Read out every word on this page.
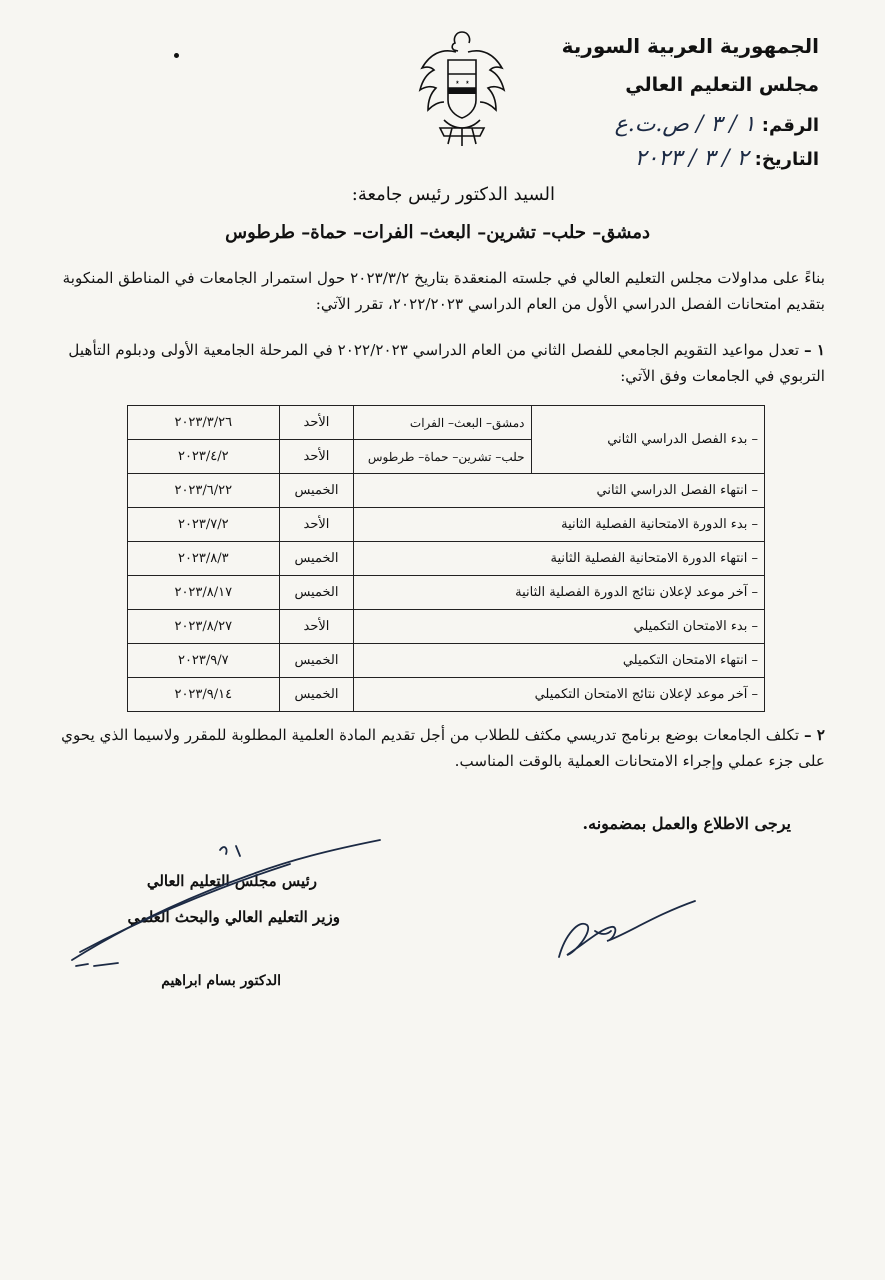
الجمهورية العربية السورية
مجلس التعليم العالي
الرقم: ١ / ٣ / ص.ت.ع
التاريخ: ٢ / ٣ / ٢٠٢٣
السيد الدكتور رئيس جامعة:
دمشق– حلب– تشرين– البعث– الفرات– حماة– طرطوس
بناءً على مداولات مجلس التعليم العالي في جلسته المنعقدة بتاريخ ٢٠٢٣/٣/٢ حول استمرار الجامعات في المناطق المنكوبة بتقديم امتحانات الفصل الدراسي الأول من العام الدراسي ٢٠٢٢/٢٠٢٣، تقرر الآتي:
١ – تعدل مواعيد التقويم الجامعي للفصل الثاني من العام الدراسي ٢٠٢٢/٢٠٢٣ في المرحلة الجامعية الأولى ودبلوم التأهيل التربوي في الجامعات وفق الآتي:
– بدء الفصل الدراسي الثاني	دمشق– البعث– الفرات	الأحد	٢٠٢٣/٣/٢٦
	حلب– تشرين– حماة– طرطوس	الأحد	٢٠٢٣/٤/٢
– انتهاء الفصل الدراسي الثاني		الخميس	٢٠٢٣/٦/٢٢
– بدء الدورة الامتحانية الفصلية الثانية		الأحد	٢٠٢٣/٧/٢
– انتهاء الدورة الامتحانية الفصلية الثانية		الخميس	٢٠٢٣/٨/٣
– آخر موعد لإعلان نتائج الدورة الفصلية الثانية		الخميس	٢٠٢٣/٨/١٧
– بدء الامتحان التكميلي		الأحد	٢٠٢٣/٨/٢٧
– انتهاء الامتحان التكميلي		الخميس	٢٠٢٣/٩/٧
– آخر موعد لإعلان نتائج الامتحان التكميلي		الخميس	٢٠٢٣/٩/١٤
٢ – تكلف الجامعات بوضع برنامج تدريسي مكثف للطلاب من أجل تقديم المادة العلمية المطلوبة للمقرر ولاسيما الذي يحوي على جزء عملي وإجراء الامتحانات العملية بالوقت المناسب.
يرجى الاطلاع والعمل بمضمونه.
رئيس مجلس التعليم العالي
وزير التعليم العالي والبحث العلمي
الدكتور بسام ابراهيم
